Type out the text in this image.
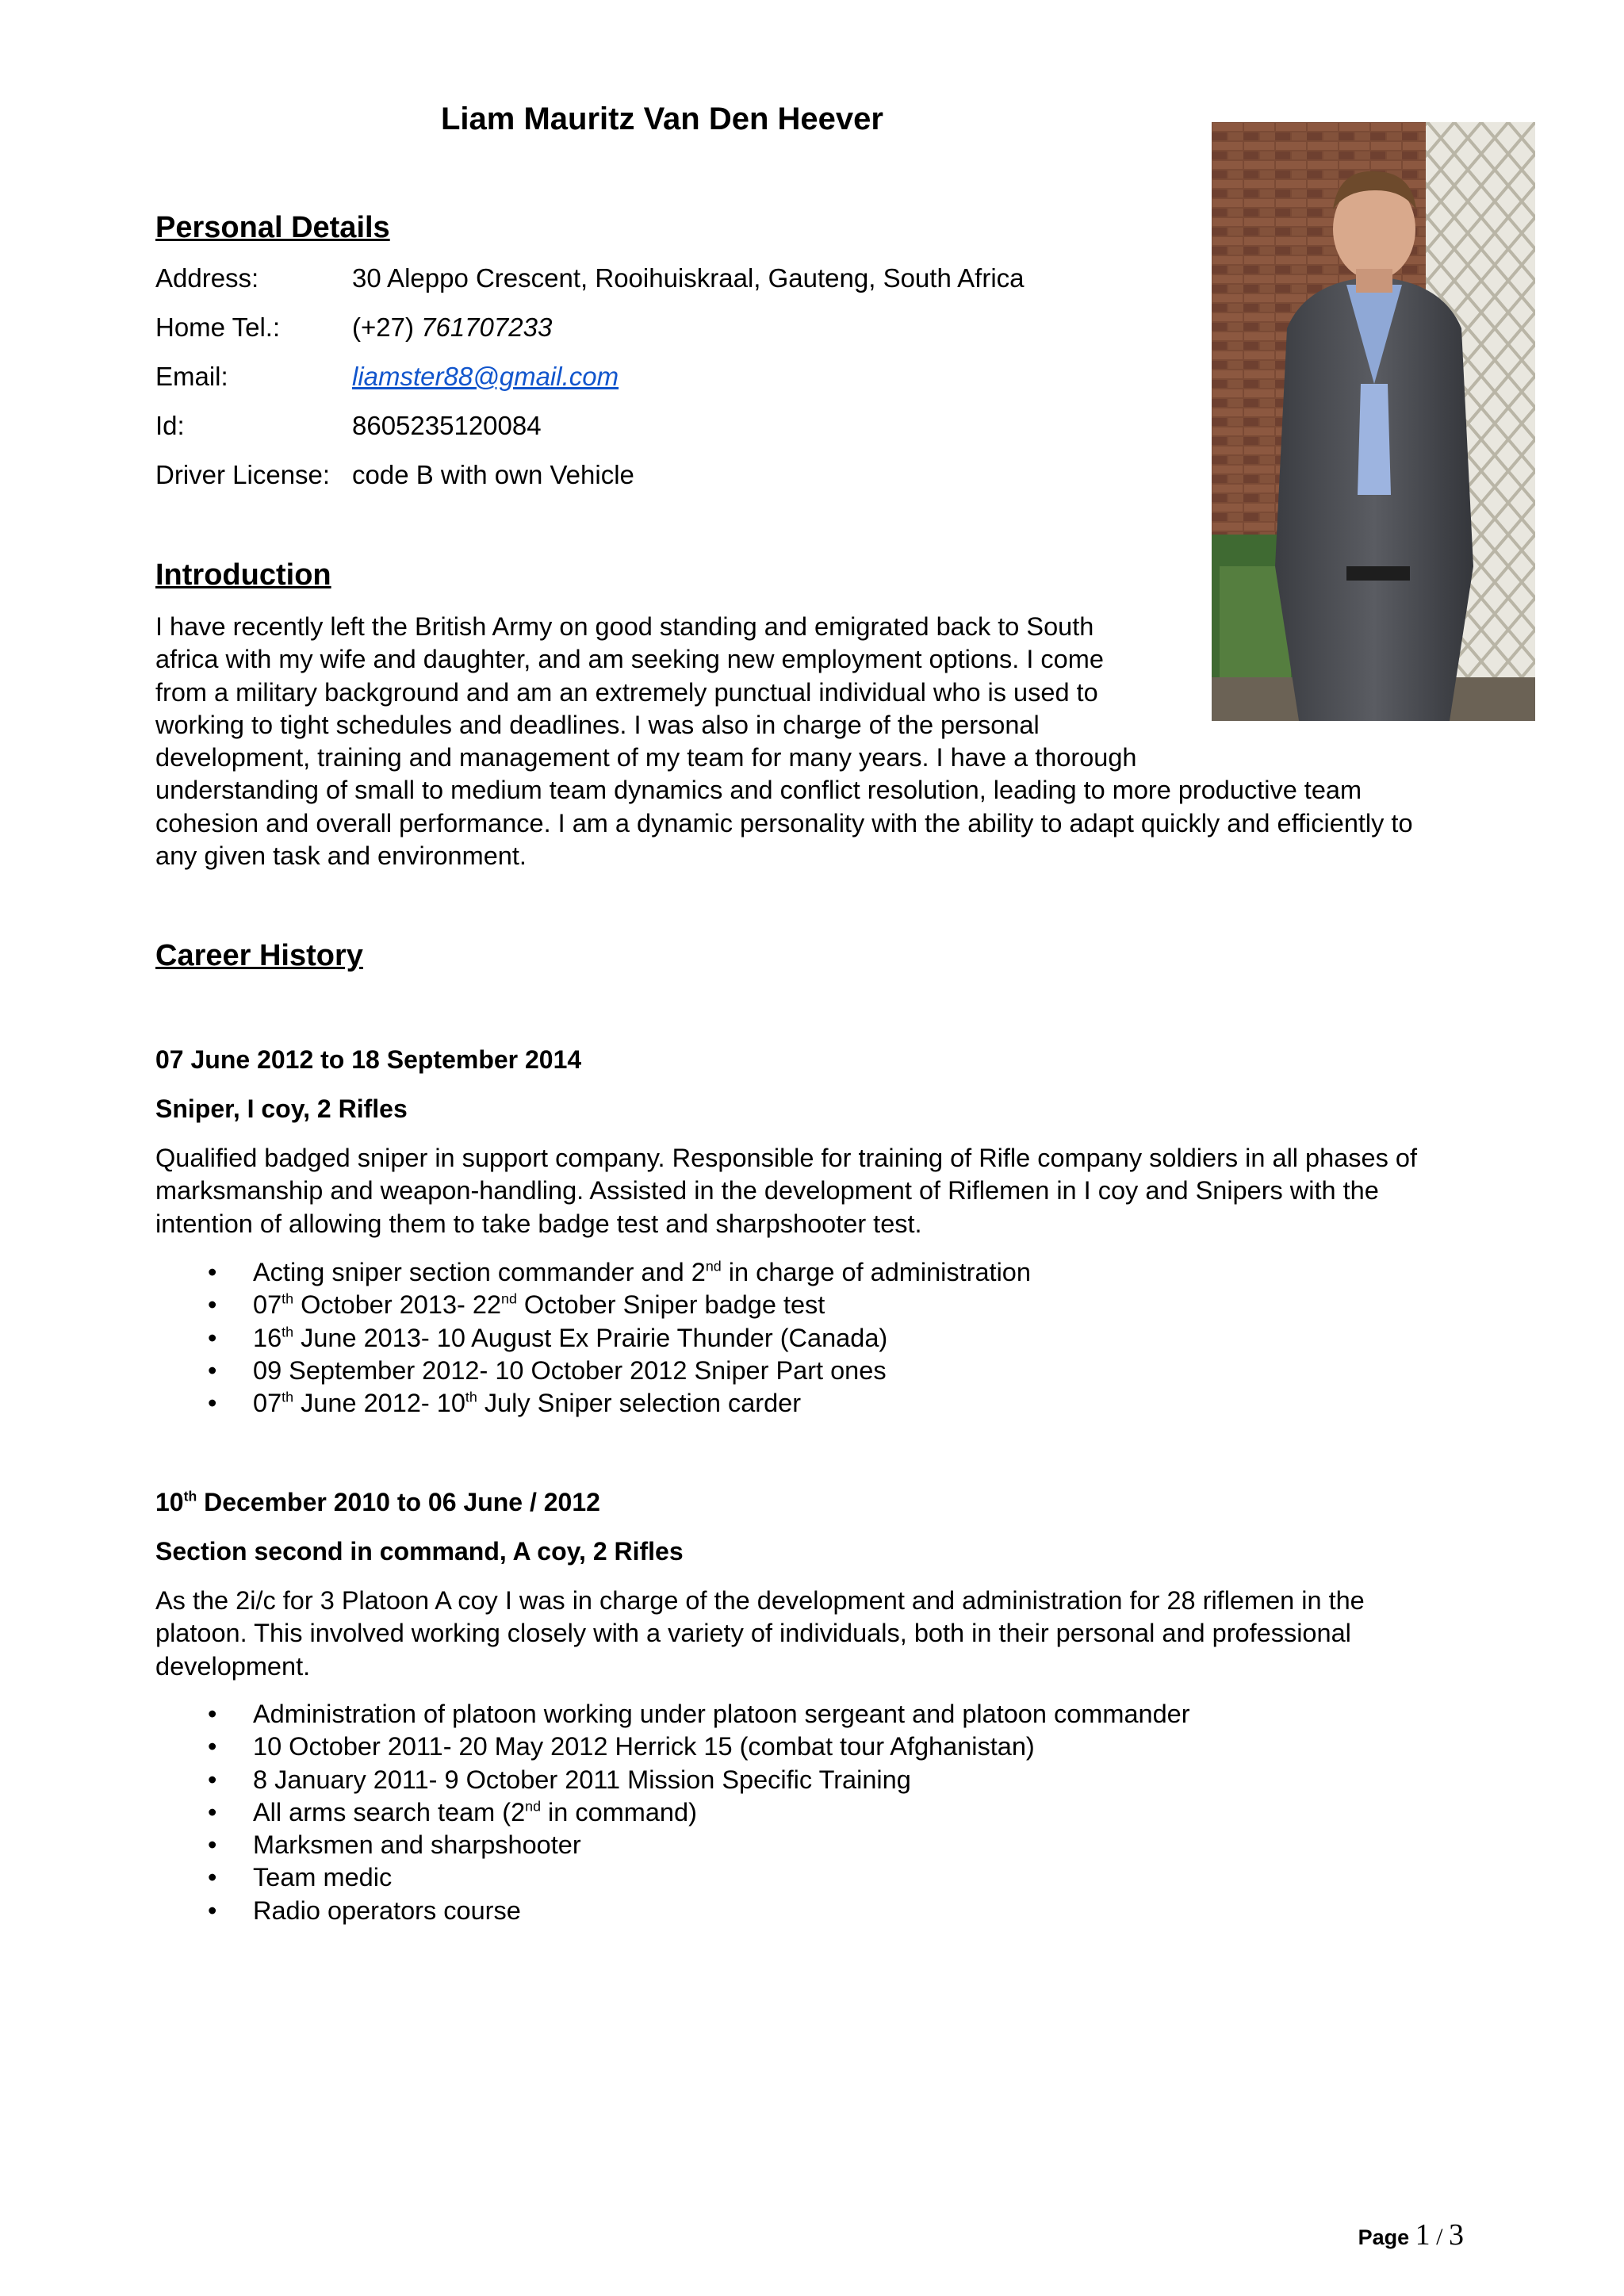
Liam Mauritz Van Den Heever
Personal Details
Address:	30 Aleppo Crescent, Rooihuiskraal, Gauteng, South Africa
Home Tel.:	(+27) 761707233
Email:	liamster88@gmail.com
Id:	8605235120084
Driver License: code B with own Vehicle
Introduction
I have recently left the British Army on good standing and emigrated back to South
africa with my wife and daughter, and am seeking new employment options. I come
from a military background and am an extremely punctual individual who is used to
working to tight schedules and deadlines. I was also in charge of the personal
development, training and management of my team for many years. I have a thorough
understanding of small to medium team dynamics and conflict resolution, leading to more productive team
cohesion and overall performance. I am a dynamic personality with the ability to adapt quickly and efficiently to
any given task and environment.
Career History
07 June 2012 to 18 September 2014
Sniper, I coy, 2 Rifles
Qualified badged sniper in support company. Responsible for training of Rifle company soldiers in all phases of
marksmanship and weapon-handling. Assisted in the development of Riflemen in I coy and Snipers with the
intention of allowing them to take badge test and sharpshooter test.
• Acting sniper section commander and 2nd in charge of administration
• 07th October 2013- 22nd October Sniper badge test
• 16th June 2013- 10 August Ex Prairie Thunder (Canada)
• 09 September 2012- 10 October 2012 Sniper Part ones
• 07th June 2012- 10th July Sniper selection carder
10th December 2010 to 06 June / 2012
Section second in command, A coy, 2 Rifles
As the 2i/c for 3 Platoon A coy I was in charge of the development and administration for 28 riflemen in the
platoon. This involved working closely with a variety of individuals, both in their personal and professional
development.
• Administration of platoon working under platoon sergeant and platoon commander
• 10 October 2011- 20 May 2012 Herrick 15 (combat tour Afghanistan)
• 8 January 2011- 9 October 2011 Mission Specific Training
• All arms search team (2nd in command)
• Marksmen and sharpshooter
• Team medic
• Radio operators course
Page 1 / 3
